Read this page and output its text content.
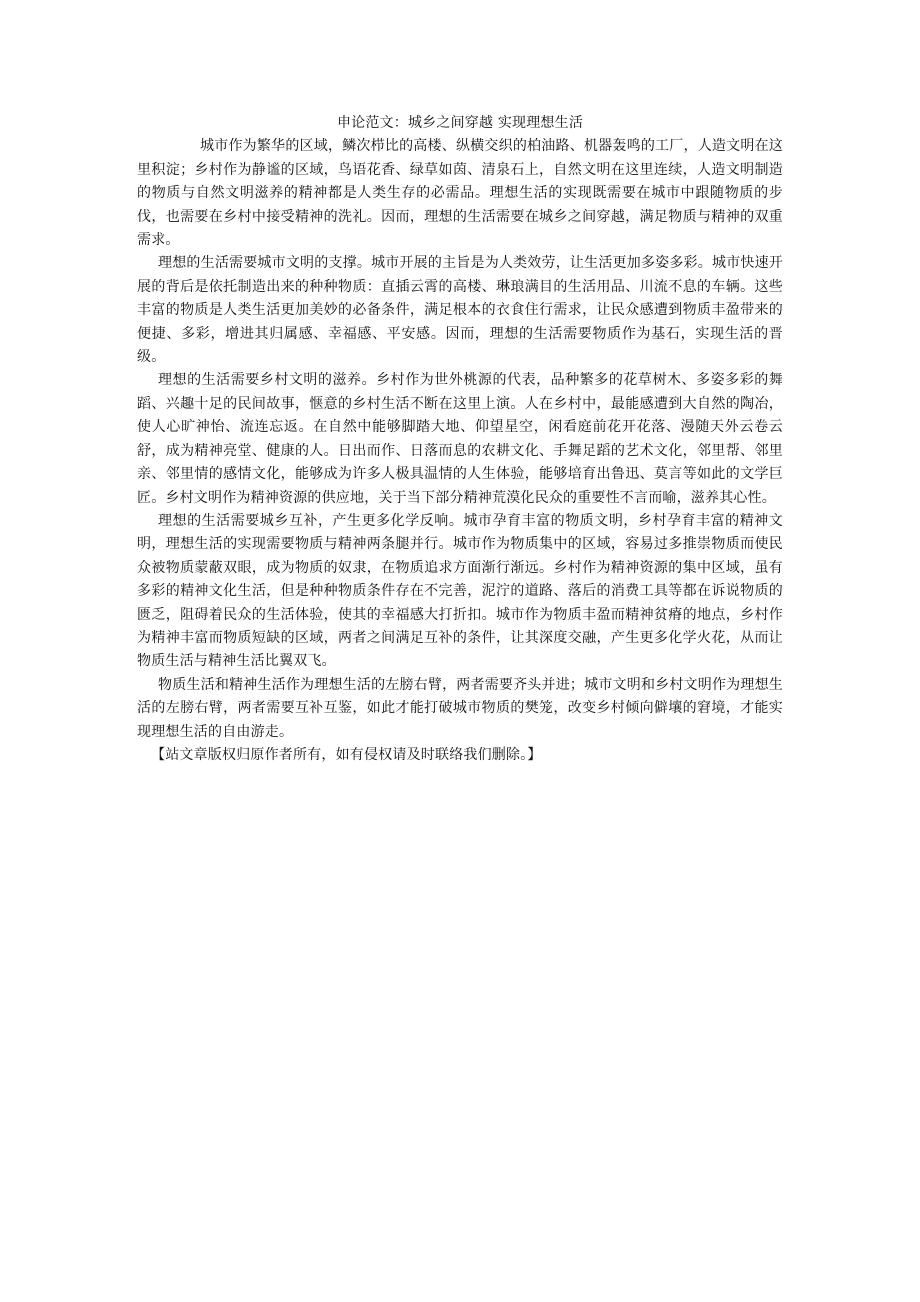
申论范文：城乡之间穿越 实现理想生活

城市作为繁华的区域，鳞次栉比的高楼、纵横交织的柏油路、机器轰鸣的工厂，人造文明在这里积淀；乡村作为静谧的区域，鸟语花香、绿草如茵、清泉石上，自然文明在这里连续，人造文明制造的物质与自然文明滋养的精神都是人类生存的必需品。理想生活的实现既需要在城市中跟随物质的步伐，也需要在乡村中接受精神的洗礼。因而，理想的生活需要在城乡之间穿越，满足物质与精神的双重需求。

理想的生活需要城市文明的支撑。城市开展的主旨是为人类效劳，让生活更加多姿多彩。城市快速开展的背后是依托制造出来的种种物质：直插云霄的高楼、琳琅满目的生活用品、川流不息的车辆。这些丰富的物质是人类生活更加美妙的必备条件，满足根本的衣食住行需求，让民众感遭到物质丰盈带来的便捷、多彩，增进其归属感、幸福感、平安感。因而，理想的生活需要物质作为基石，实现生活的晋级。

理想的生活需要乡村文明的滋养。乡村作为世外桃源的代表，品种繁多的花草树木、多姿多彩的舞蹈、兴趣十足的民间故事，惬意的乡村生活不断在这里上演。人在乡村中，最能感遭到大自然的陶冶，使人心旷神怡、流连忘返。在自然中能够脚踏大地、仰望星空，闲看庭前花开花落、漫随天外云卷云舒，成为精神亮堂、健康的人。日出而作、日落而息的农耕文化、手舞足蹈的艺术文化，邻里帮、邻里亲、邻里情的感情文化，能够成为许多人极具温情的人生体验，能够培育出鲁迅、莫言等如此的文学巨匠。乡村文明作为精神资源的供应地，关于当下部分精神荒漠化民众的重要性不言而喻，滋养其心性。

理想的生活需要城乡互补，产生更多化学反响。城市孕育丰富的物质文明，乡村孕育丰富的精神文明，理想生活的实现需要物质与精神两条腿并行。城市作为物质集中的区域，容易过多推崇物质而使民众被物质蒙蔽双眼，成为物质的奴隶，在物质追求方面渐行渐远。乡村作为精神资源的集中区域，虽有多彩的精神文化生活，但是种种物质条件存在不完善，泥泞的道路、落后的消费工具等都在诉说物质的匮乏，阻碍着民众的生活体验，使其的幸福感大打折扣。城市作为物质丰盈而精神贫瘠的地点，乡村作为精神丰富而物质短缺的区域，两者之间满足互补的条件，让其深度交融，产生更多化学火花，从而让物质生活与精神生活比翼双飞。

物质生活和精神生活作为理想生活的左膀右臂，两者需要齐头并进；城市文明和乡村文明作为理想生活的左膀右臂，两者需要互补互鉴，如此才能打破城市物质的樊笼，改变乡村倾向僻壤的窘境，才能实现理想生活的自由游走。

【站文章版权归原作者所有，如有侵权请及时联络我们删除。】
